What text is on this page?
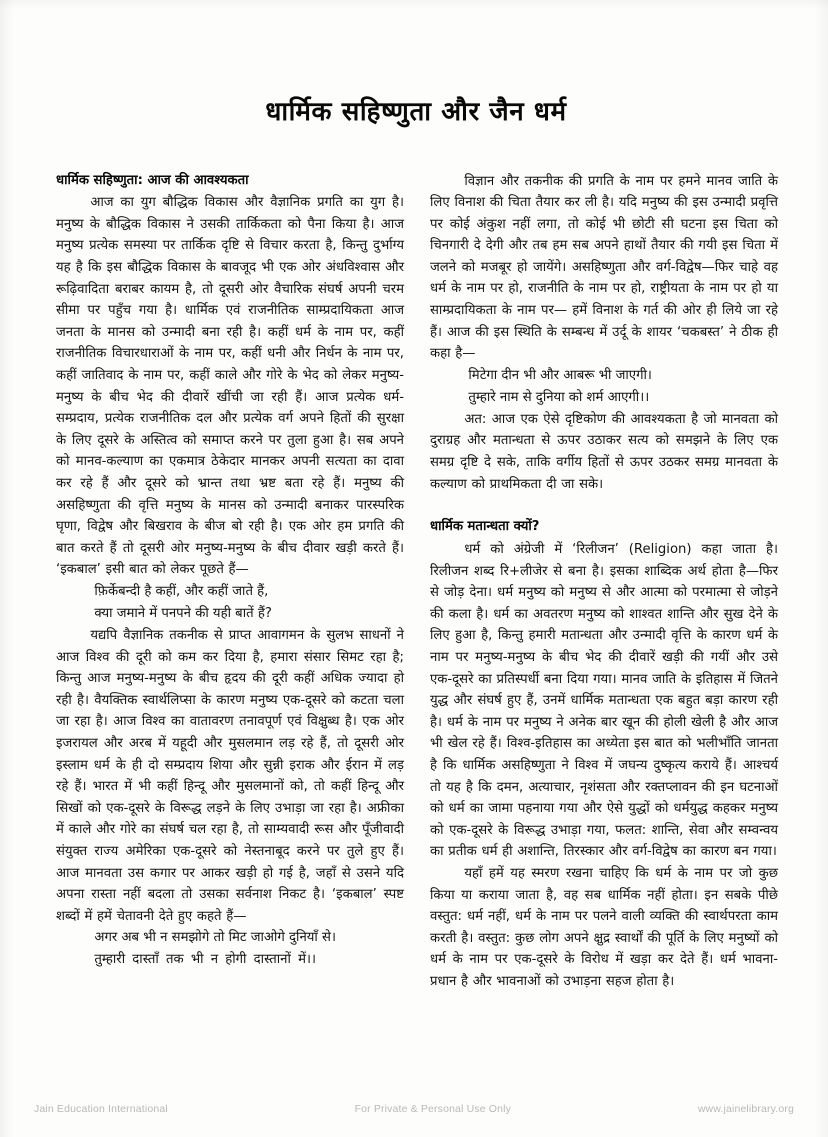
धार्मिक सहिष्णुता और जैन धर्म
धार्मिक सहिष्णुता: आज की आवश्यकता

आज का युग बौद्धिक विकास और वैज्ञानिक प्रगति का युग है। मनुष्य के बौद्धिक विकास ने उसकी तार्किकता को पैना किया है। आज मनुष्य प्रत्येक समस्या पर तार्किक दृष्टि से विचार करता है, किन्तु दुर्भाग्य यह है कि इस बौद्धिक विकास के बावजूद भी एक ओर अंधविश्वास और रूढ़िवादिता बराबर कायम है, तो दूसरी ओर वैचारिक संघर्ष अपनी चरम सीमा पर पहुँच गया है। धार्मिक एवं राजनीतिक साम्प्रदायिकता आज जनता के मानस को उन्मादी बना रही है। कहीं धर्म के नाम पर, कहीं राजनीतिक विचारधाराओं के नाम पर, कहीं धनी और निर्धन के नाम पर, कहीं जातिवाद के नाम पर, कहीं काले और गोरे के भेद को लेकर मनुष्य-मनुष्य के बीच भेद की दीवारें खींची जा रही हैं। आज प्रत्येक धर्म-सम्प्रदाय, प्रत्येक राजनीतिक दल और प्रत्येक वर्ग अपने हितों की सुरक्षा के लिए दूसरे के अस्तित्व को समाप्त करने पर तुला हुआ है। सब अपने को मानव-कल्याण का एकमात्र ठेकेदार मानकर अपनी सत्यता का दावा कर रहे हैं और दूसरे को भ्रान्त तथा भ्रष्ट बता रहे हैं। मनुष्य की असहिष्णुता की वृत्ति मनुष्य के मानस को उन्मादी बनाकर पारस्परिक घृणा, विद्वेष और बिखराव के बीज बो रही है। एक ओर हम प्रगति की बात करते हैं तो दूसरी ओर मनुष्य-मनुष्य के बीच दीवार खड़ी करते हैं। ‘इकबाल’ इसी बात को लेकर पूछते हैं—

फ़िर्केबन्दी है कहीं, और कहीं जाते हैं,

क्या जमाने में पनपने की यही बातें हैं?

यद्यपि वैज्ञानिक तकनीक से प्राप्त आवागमन के सुलभ साधनों ने आज विश्व की दूरी को कम कर दिया है, हमारा संसार सिमट रहा है; किन्तु आज मनुष्य-मनुष्य के बीच हृदय की दूरी कहीं अधिक ज्यादा हो रही है। वैयक्तिक स्वार्थलिप्सा के कारण मनुष्य एक-दूसरे को कटता चला जा रहा है। आज विश्व का वातावरण तनावपूर्ण एवं विक्षुब्ध है। एक ओर इजरायल और अरब में यहूदी और मुसलमान लड़ रहे हैं, तो दूसरी ओर इस्लाम धर्म के ही दो सम्प्रदाय शिया और सुन्नी इराक और ईरान में लड़ रहे हैं। भारत में भी कहीं हिन्दू और मुसलमानों को, तो कहीं हिन्दू और सिखों को एक-दूसरे के विरूद्ध लड़ने के लिए उभाड़ा जा रहा है। अफ्रीका में काले और गोरे का संघर्ष चल रहा है, तो साम्यवादी रूस और पूँजीवादी संयुक्त राज्य अमेरिका एक-दूसरे को नेस्तनाबूद करने पर तुले हुए हैं। आज मानवता उस कगार पर आकर खड़ी हो गई है, जहाँ से उसने यदि अपना रास्ता नहीं बदला तो उसका सर्वनाश निकट है। ‘इकबाल’ स्पष्ट शब्दों में हमें चेतावनी देते हुए कहते हैं—

अगर अब भी न समझोगे तो मिट जाओगे दुनियाँ से।

तुम्हारी दास्ताँ तक भी न होगी दास्तानों में।।

विज्ञान और तकनीक की प्रगति के नाम पर हमने मानव जाति के लिए विनाश की चिता तैयार कर ली है। यदि मनुष्य की इस उन्मादी प्रवृत्ति पर कोई अंकुश नहीं लगा, तो कोई भी छोटी सी घटना इस चिता को चिनगारी दे देगी और तब हम सब अपने हाथों तैयार की गयी इस चिता में जलने को मजबूर हो जायेंगे। असहिष्णुता और वर्ग-विद्वेष—फिर चाहे वह धर्म के नाम पर हो, राजनीति के नाम पर हो, राष्ट्रीयता के नाम पर हो या साम्प्रदायिकता के नाम पर— हमें विनाश के गर्त की ओर ही लिये जा रहे हैं। आज की इस स्थिति के सम्बन्ध में उर्दू के शायर ‘चकबस्त’ ने ठीक ही कहा है—

मिटेगा दीन भी और आबरू भी जाएगी।

तुम्हारे नाम से दुनिया को शर्म आएगी।।

अत: आज एक ऐसे दृष्टिकोण की आवश्यकता है जो मानवता को दुराग्रह और मतान्धता से ऊपर उठाकर सत्य को समझने के लिए एक समग्र दृष्टि दे सके, ताकि वर्गीय हितों से ऊपर उठकर समग्र मानवता के कल्याण को प्राथमिकता दी जा सके।

धार्मिक मतान्धता क्यों?

धर्म को अंग्रेजी में ‘रिलीजन’ (Religion) कहा जाता है। रिलीजन शब्द रि+लीजेर से बना है। इसका शाब्दिक अर्थ होता है—फिर से जोड़ देना। धर्म मनुष्य को मनुष्य से और आत्मा को परमात्मा से जोड़ने की कला है। धर्म का अवतरण मनुष्य को शाश्वत शान्ति और सुख देने के लिए हुआ है, किन्तु हमारी मतान्धता और उन्मादी वृत्ति के कारण धर्म के नाम पर मनुष्य-मनुष्य के बीच भेद की दीवारें खड़ी की गयीं और उसे एक-दूसरे का प्रतिस्पर्धी बना दिया गया। मानव जाति के इतिहास में जितने युद्ध और संघर्ष हुए हैं, उनमें धार्मिक मतान्धता एक बहुत बड़ा कारण रही है। धर्म के नाम पर मनुष्य ने अनेक बार खून की होली खेली है और आज भी खेल रहे हैं। विश्व-इतिहास का अध्येता इस बात को भलीभाँति जानता है कि धार्मिक असहिष्णुता ने विश्व में जघन्य दुष्कृत्य कराये हैं। आश्चर्य तो यह है कि दमन, अत्याचार, नृशंसता और रक्तप्लावन की इन घटनाओं को धर्म का जामा पहनाया गया और ऐसे युद्धों को धर्मयुद्ध कहकर मनुष्य को एक-दूसरे के विरूद्ध उभाड़ा गया, फलत: शान्ति, सेवा और सम्वन्वय का प्रतीक धर्म ही अशान्ति, तिरस्कार और वर्ग-विद्वेष का कारण बन गया।

यहाँ हमें यह स्मरण रखना चाहिए कि धर्म के नाम पर जो कुछ किया या कराया जाता है, वह सब धार्मिक नहीं होता। इन सबके पीछे वस्तुत: धर्म नहीं, धर्म के नाम पर पलने वाली व्यक्ति की स्वार्थपरता काम करती है। वस्तुत: कुछ लोग अपने क्षुद्र स्वार्थों की पूर्ति के लिए मनुष्यों को धर्म के नाम पर एक-दूसरे के विरोध में खड़ा कर देते हैं। धर्म भावना-प्रधान है और भावनाओं को उभाड़ना सहज होता है।

Jain Education International	For Private & Personal Use Only	www.jainelibrary.org
